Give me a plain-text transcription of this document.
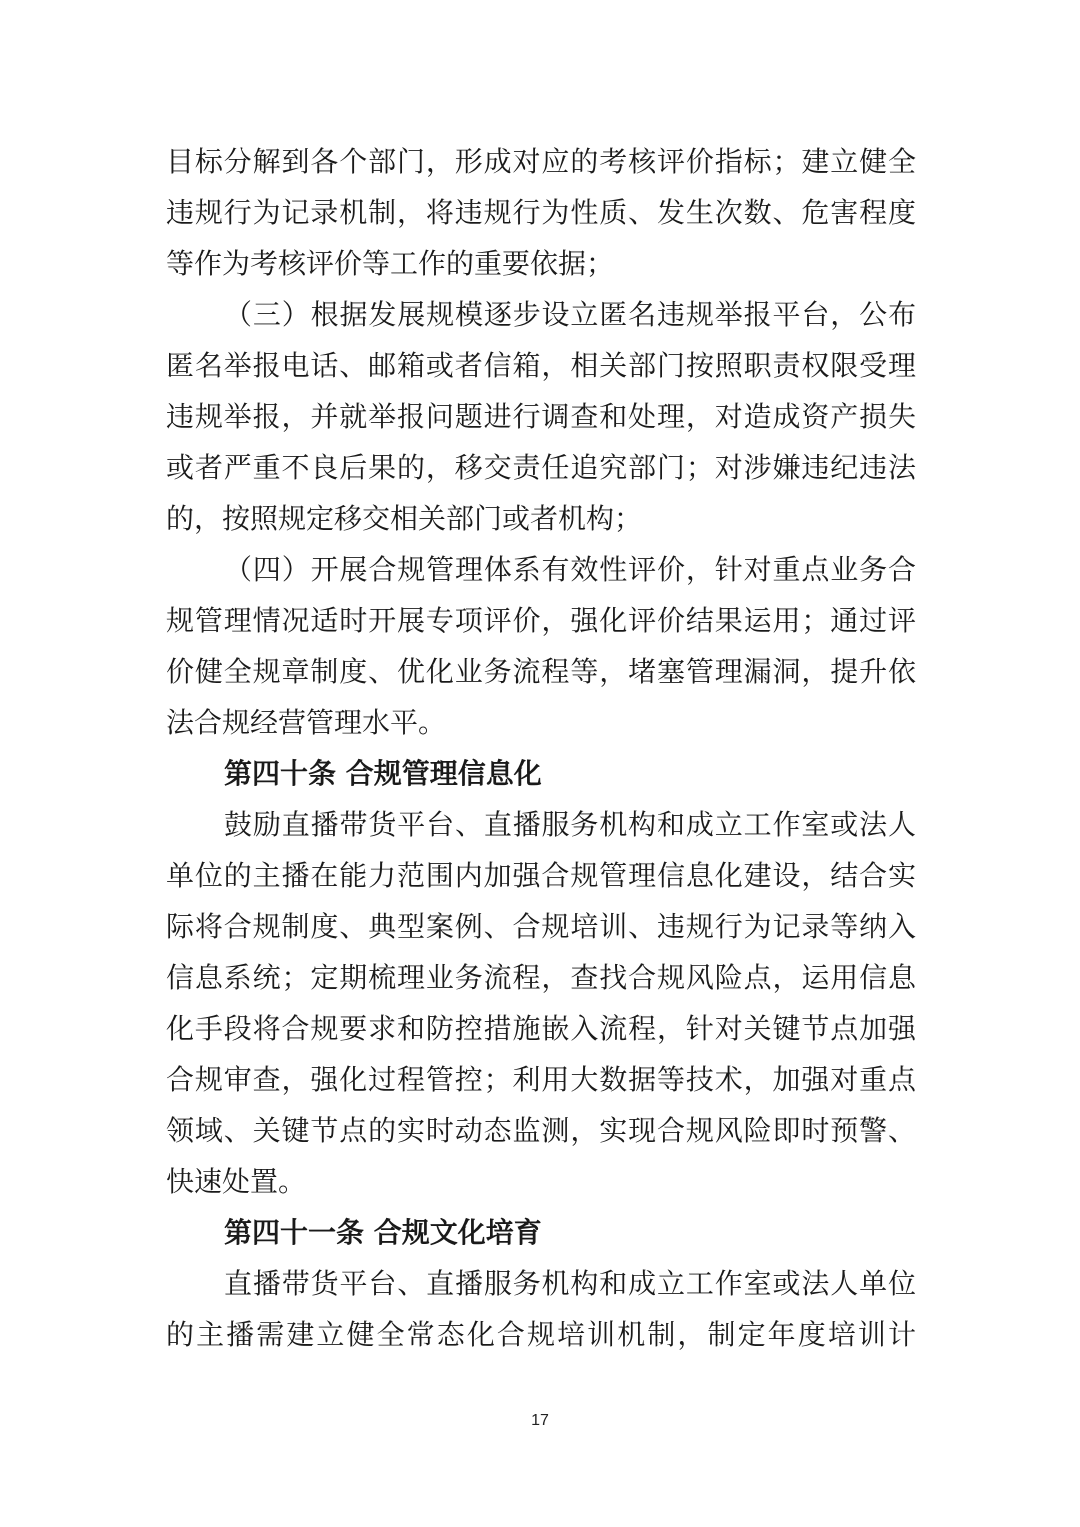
目标分解到各个部门，形成对应的考核评价指标；建立健全
违规行为记录机制，将违规行为性质、发生次数、危害程度
等作为考核评价等工作的重要依据；
（三）根据发展规模逐步设立匿名违规举报平台，公布
匿名举报电话、邮箱或者信箱，相关部门按照职责权限受理
违规举报，并就举报问题进行调查和处理，对造成资产损失
或者严重不良后果的，移交责任追究部门；对涉嫌违纪违法
的，按照规定移交相关部门或者机构；
（四）开展合规管理体系有效性评价，针对重点业务合
规管理情况适时开展专项评价，强化评价结果运用；通过评
价健全规章制度、优化业务流程等，堵塞管理漏洞，提升依
法合规经营管理水平。
第四十条 合规管理信息化
鼓励直播带货平台、直播服务机构和成立工作室或法人
单位的主播在能力范围内加强合规管理信息化建设，结合实
际将合规制度、典型案例、合规培训、违规行为记录等纳入
信息系统；定期梳理业务流程，查找合规风险点，运用信息
化手段将合规要求和防控措施嵌入流程，针对关键节点加强
合规审查，强化过程管控；利用大数据等技术，加强对重点
领域、关键节点的实时动态监测，实现合规风险即时预警、
快速处置。
第四十一条 合规文化培育
直播带货平台、直播服务机构和成立工作室或法人单位
的主播需建立健全常态化合规培训机制，制定年度培训计
17
